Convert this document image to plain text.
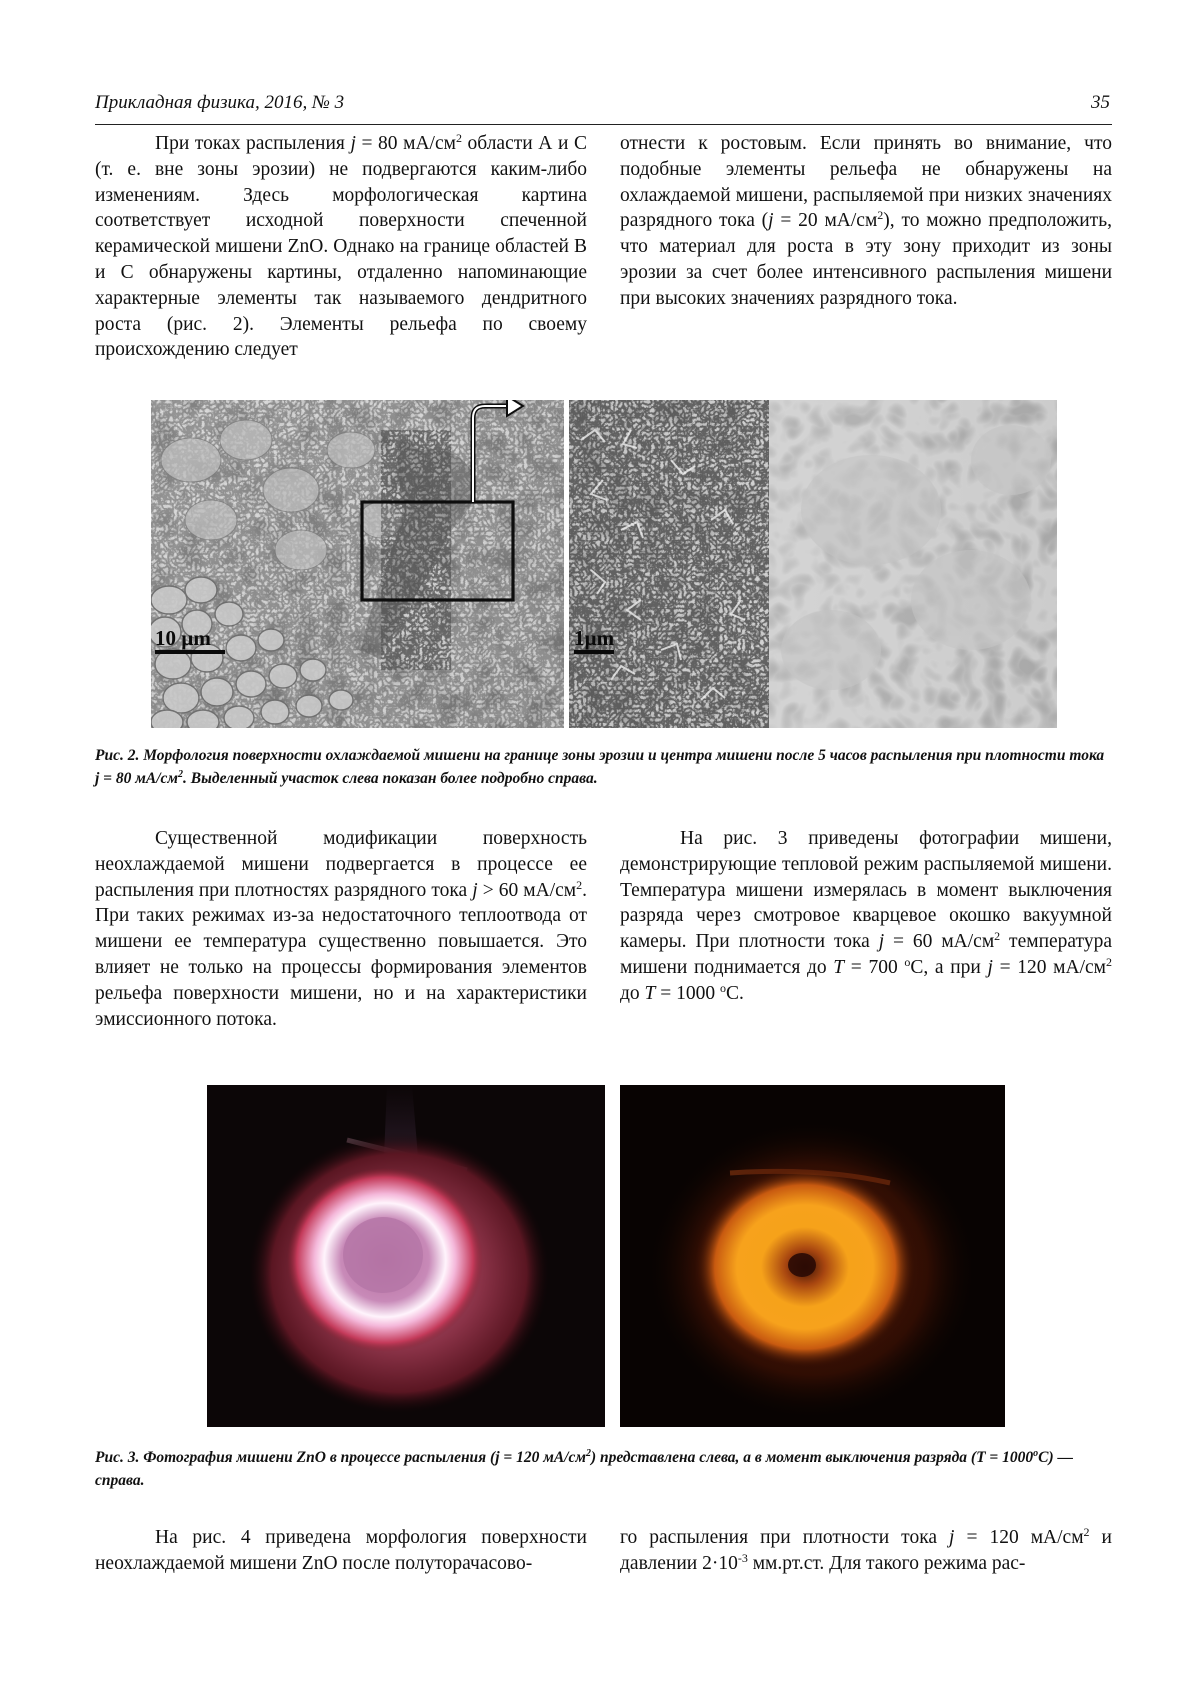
Прикладная физика, 2016, № 3	35

При токах распыления j = 80 $мА/см^2$ области А и С (т. е. вне зоны эрозии) не подвергаются каким-либо изменениям. Здесь морфологическая картина соответствует исходной поверхности спеченной керамической мишени ZnO. Однако на границе областей В и С обнаружены картины, отдаленно напоминающие характерные элементы так называемого дендритного роста (рис. 2). Элементы рельефа по своему происхождению следует

отнести к ростовым. Если принять во внимание, что подобные элементы рельефа не обнаружены на охлаждаемой мишени, распыляемой при низких значениях разрядного тока (j = 20 $мА/см^2$), то можно предположить, что материал для роста в эту зону приходит из зоны эрозии за счет более интенсивного распыления мишени при высоких значениях разрядного тока.

10 µm	1µm
Рис. 2. Морфология поверхности охлаждаемой мишени на границе зоны эрозии и центра мишени после 5 часов распыления при плотности тока j = 80 $мА/см^2$. Выделенный участок слева показан более подробно справа.

Существенной модификации поверхность неохлаждаемой мишени подвергается в процессе ее распыления при плотностях разрядного тока j > 60 $мА/см^2$. При таких режимах из-за недостаточного теплоотвода от мишени ее температура существенно повышается. Это влияет не только на процессы формирования элементов рельефа поверхности мишени, но и на характеристики эмиссионного потока.

На рис. 3 приведены фотографии мишени, демонстрирующие тепловой режим распыляемой мишени. Температура мишени измерялась в момент выключения разряда через смотровое кварцевое окошко вакуумной камеры. При плотности тока j = 60 $мА/см^2$ температура мишени поднимается до T = 700 $^o$С, а при j = 120 $мА/см^2$ до T = 1000 $^o$С.

Рис. 3. Фотография мишени ZnO в процессе распыления (j = 120 $мА/см^2$) представлена слева, а в момент выключения разряда $(T = 1000^oC)$ — справа.

На рис. 4 приведена морфология поверхности неохлаждаемой мишени ZnO после полуторачасово-

го распыления при плотности тока j = 120 $мА/см^2$ и давлении $2\cdot 10^{-3}$ мм.рт.ст. Для такого режима рас-
